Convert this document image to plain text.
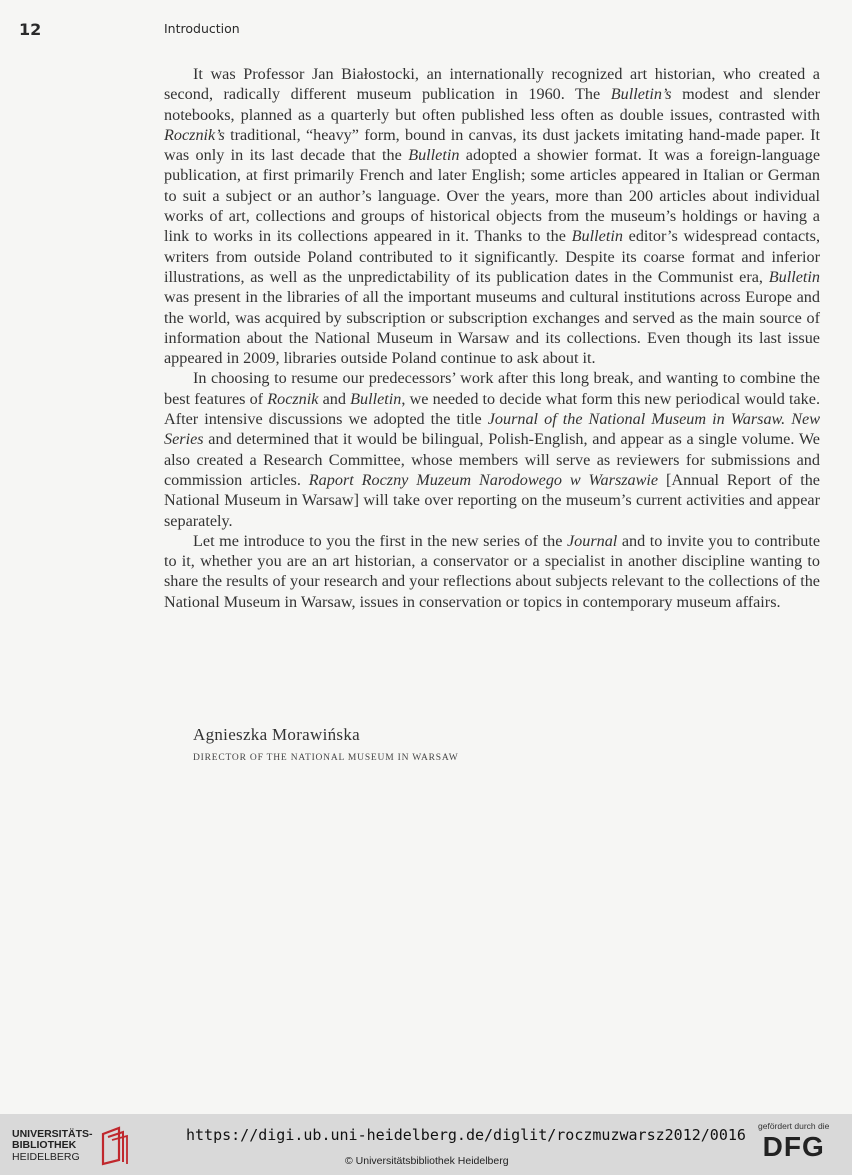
12	Introduction

It was Professor Jan Białostocki, an internationally recognized art historian, who created a second, radically different museum publication in 1960. The Bulletin’s modest and slender notebooks, planned as a quarterly but often published less often as double issues, contrasted with Rocznik’s traditional, “heavy” form, bound in canvas, its dust jackets imitating hand-made paper. It was only in its last decade that the Bulletin adopted a showier format. It was a foreign-language publication, at first primarily French and later English; some articles appeared in Italian or German to suit a subject or an author’s language. Over the years, more than 200 articles about individual works of art, collections and groups of historical objects from the museum’s holdings or having a link to works in its collections appeared in it. Thanks to the Bulletin editor’s widespread contacts, writers from outside Poland contributed to it significantly. Despite its coarse format and inferior illustrations, as well as the unpredictability of its publication dates in the Communist era, Bulletin was present in the libraries of all the important museums and cultural institutions across Europe and the world, was acquired by subscription or subscription exchanges and served as the main source of information about the National Museum in Warsaw and its collections. Even though its last issue appeared in 2009, libraries outside Poland continue to ask about it.

In choosing to resume our predecessors’ work after this long break, and wanting to combine the best features of Rocznik and Bulletin, we needed to decide what form this new periodical would take. After intensive discussions we adopted the title Journal of the National Museum in Warsaw. New Series and determined that it would be bilingual, Polish-English, and appear as a single volume. We also created a Research Committee, whose members will serve as reviewers for submissions and commission articles. Raport Roczny Muzeum Narodowego w Warszawie [Annual Report of the National Museum in Warsaw] will take over reporting on the museum’s current activities and appear separately.

Let me introduce to you the first in the new series of the Journal and to invite you to contribute to it, whether you are an art historian, a conservator or a specialist in another discipline wanting to share the results of your research and your reflections about subjects relevant to the collections of the National Museum in Warsaw, issues in conservation or topics in contemporary museum affairs.

Agnieszka Morawińska
DIRECTOR OF THE NATIONAL MUSEUM IN WARSAW
UNIVERSITÄTS-
BIBLIOTHEK
HEIDELBERG
https://digi.ub.uni-heidelberg.de/diglit/roczmuzwarsz2012/0016
© Universitätsbibliothek Heidelberg
gefördert durch die
DFG
